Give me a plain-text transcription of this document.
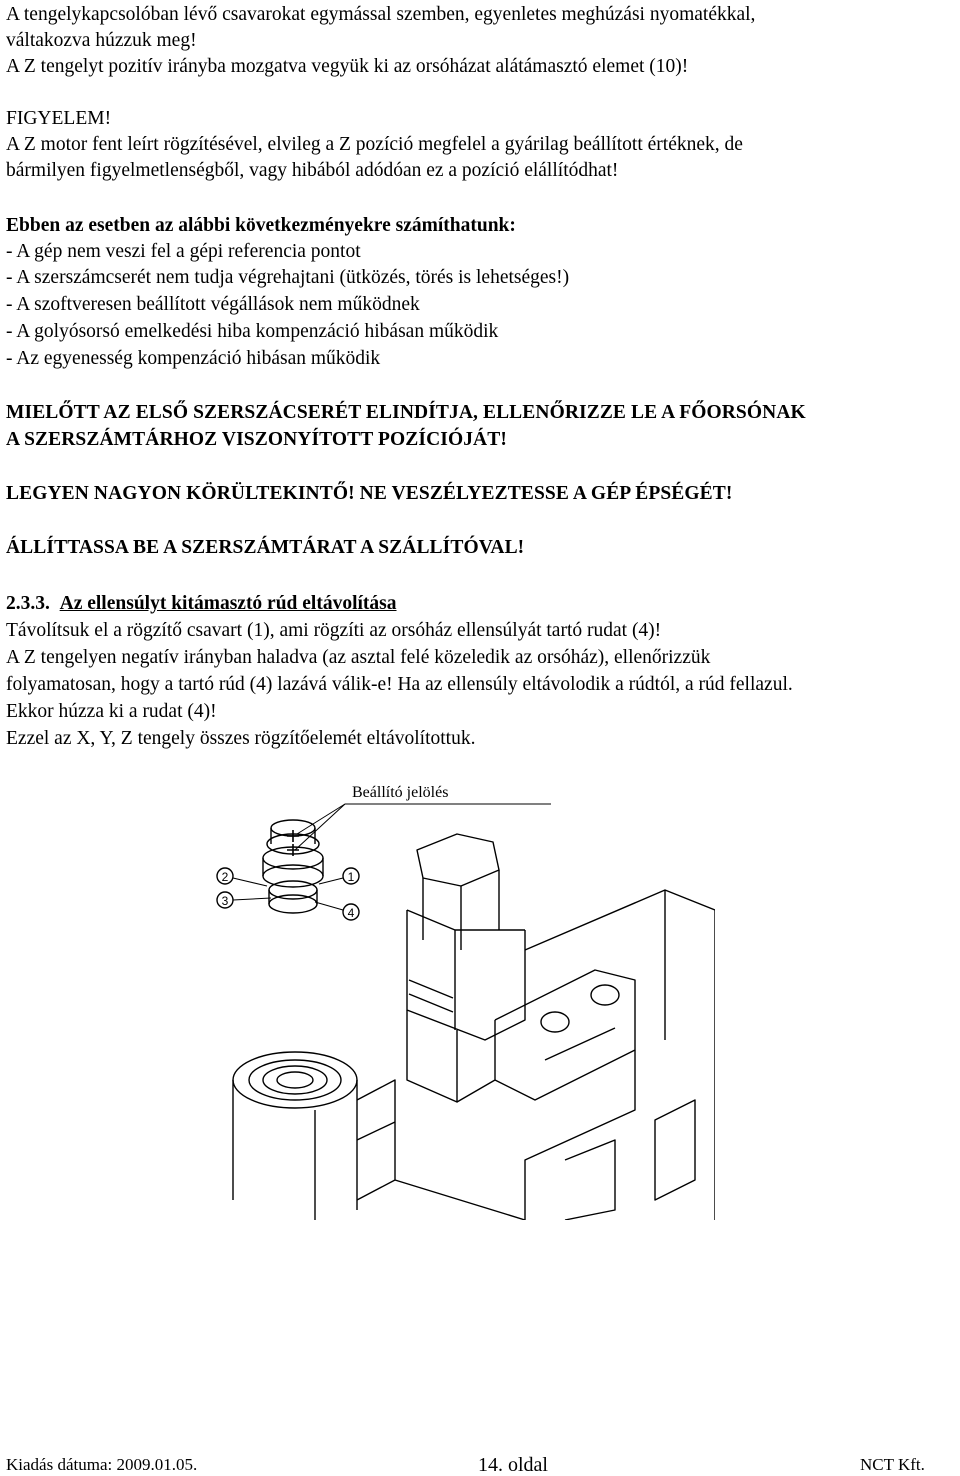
A tengelykapcsolóban lévő csavarokat egymással szemben, egyenletes meghúzási nyomatékkal,
váltakozva húzzuk meg!
A Z tengelyt pozitív irányba mozgatva vegyük ki az orsóházat alátámasztó elemet (10)!
FIGYELEM!
A Z motor fent leírt rögzítésével, elvileg a Z pozíció megfelel a gyárilag beállított értéknek, de
bármilyen figyelmetlenségből, vagy hibából adódóan ez a pozíció elállítódhat!
Ebben az esetben az alábbi következményekre számíthatunk:
- A gép nem veszi fel a gépi referencia pontot
- A szerszámcserét nem tudja végrehajtani (ütközés, törés is lehetséges!)
- A szoftveresen beállított végállások nem működnek
- A golyósorsó emelkedési hiba kompenzáció hibásan működik
- Az egyenesség kompenzáció hibásan működik
MIELŐTT AZ ELSŐ SZERSZÁCSERÉT ELINDÍTJA, ELLENŐRIZZE LE A FŐORSÓNAK
A SZERSZÁMTÁRHOZ VISZONYÍTOTT POZÍCIÓJÁT!
LEGYEN NAGYON KÖRÜLTEKINTŐ! NE VESZÉLYEZTESSE A GÉP ÉPSÉGÉT!
ÁLLÍTTASSA BE A SZERSZÁMTÁRAT A SZÁLLÍTÓVAL!
2.3.3. Az ellensúlyt kitámasztó rúd eltávolítása
Távolítsuk el a rögzítő csavart (1), ami rögzíti az orsóház ellensúlyát tartó rudat (4)!
A Z tengelyen negatív irányban haladva (az asztal felé közeledik az orsóház), ellenőrizzük
folyamatosan, hogy a tartó rúd (4) lazává válik-e! Ha az ellensúly eltávolodik a rúdtól, a rúd fellazul.
Ekkor húzza ki a rudat (4)!
Ezzel az X, Y, Z tengely összes rögzítőelemét eltávolítottuk.
Beállító jelölés
2
3
1
4
Kiadás dátuma: 2009.01.05.	14. oldal	NCT Kft.
